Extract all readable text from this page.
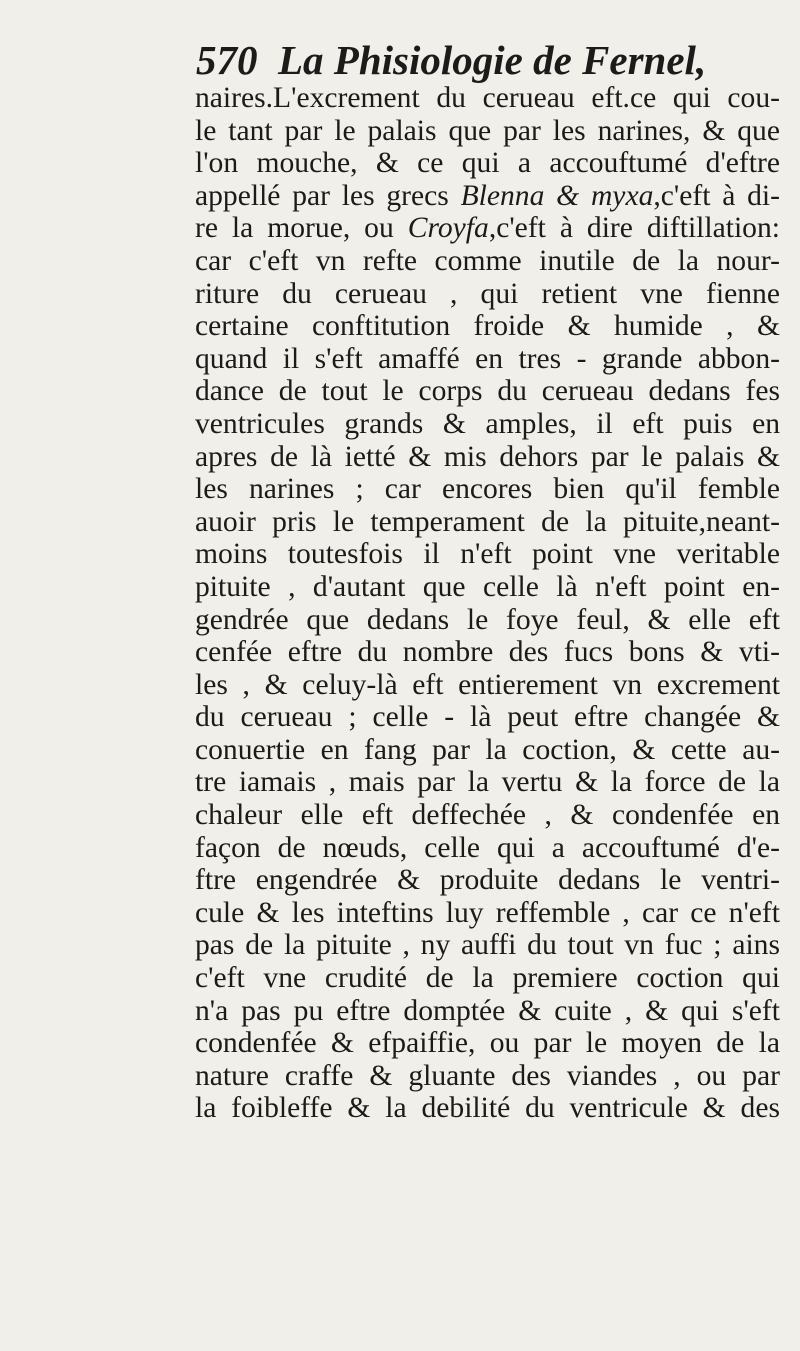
570 La Phisiologie de Fernel,
naires.L'excrement du cerueau eft.ce qui cou-
le tant par le palais que par les narines, & que
l'on mouche, & ce qui a accouftumé d'eftre
appellé par les grecs Blenna & myxa,c'eft à di-
re la morue, ou Croyfa,c'eft à dire diftillation:
car c'eft vn refte comme inutile de la nour-
riture du cerueau , qui retient vne fienne
certaine conftitution froide & humide , &
quand il s'eft amaffé en tres - grande abbon-
dance de tout le corps du cerueau dedans fes
ventricules grands & amples, il eft puis en
apres de là ietté & mis dehors par le palais &
les narines ; car encores bien qu'il femble
auoir pris le temperament de la pituite,neant-
moins toutesfois il n'eft point vne veritable
pituite , d'autant que celle là n'eft point en-
gendrée que dedans le foye feul, & elle eft
cenfée eftre du nombre des fucs bons & vti-
les , & celuy-là eft entierement vn excrement
du cerueau ; celle - là peut eftre changée &
conuertie en fang par la coction, & cette au-
tre iamais , mais par la vertu & la force de la
chaleur elle eft deffechée , & condenfée en
façon de nœuds, celle qui a accouftumé d'e-
ftre engendrée & produite dedans le ventri-
cule & les inteftins luy reffemble , car ce n'eft
pas de la pituite , ny auffi du tout vn fuc ; ains
c'eft vne crudité de la premiere coction qui
n'a pas pu eftre domptée & cuite , & qui s'eft
condenfée & efpaiffie, ou par le moyen de la
nature craffe & gluante des viandes , ou par
la foibleffe & la debilité du ventricule & des
